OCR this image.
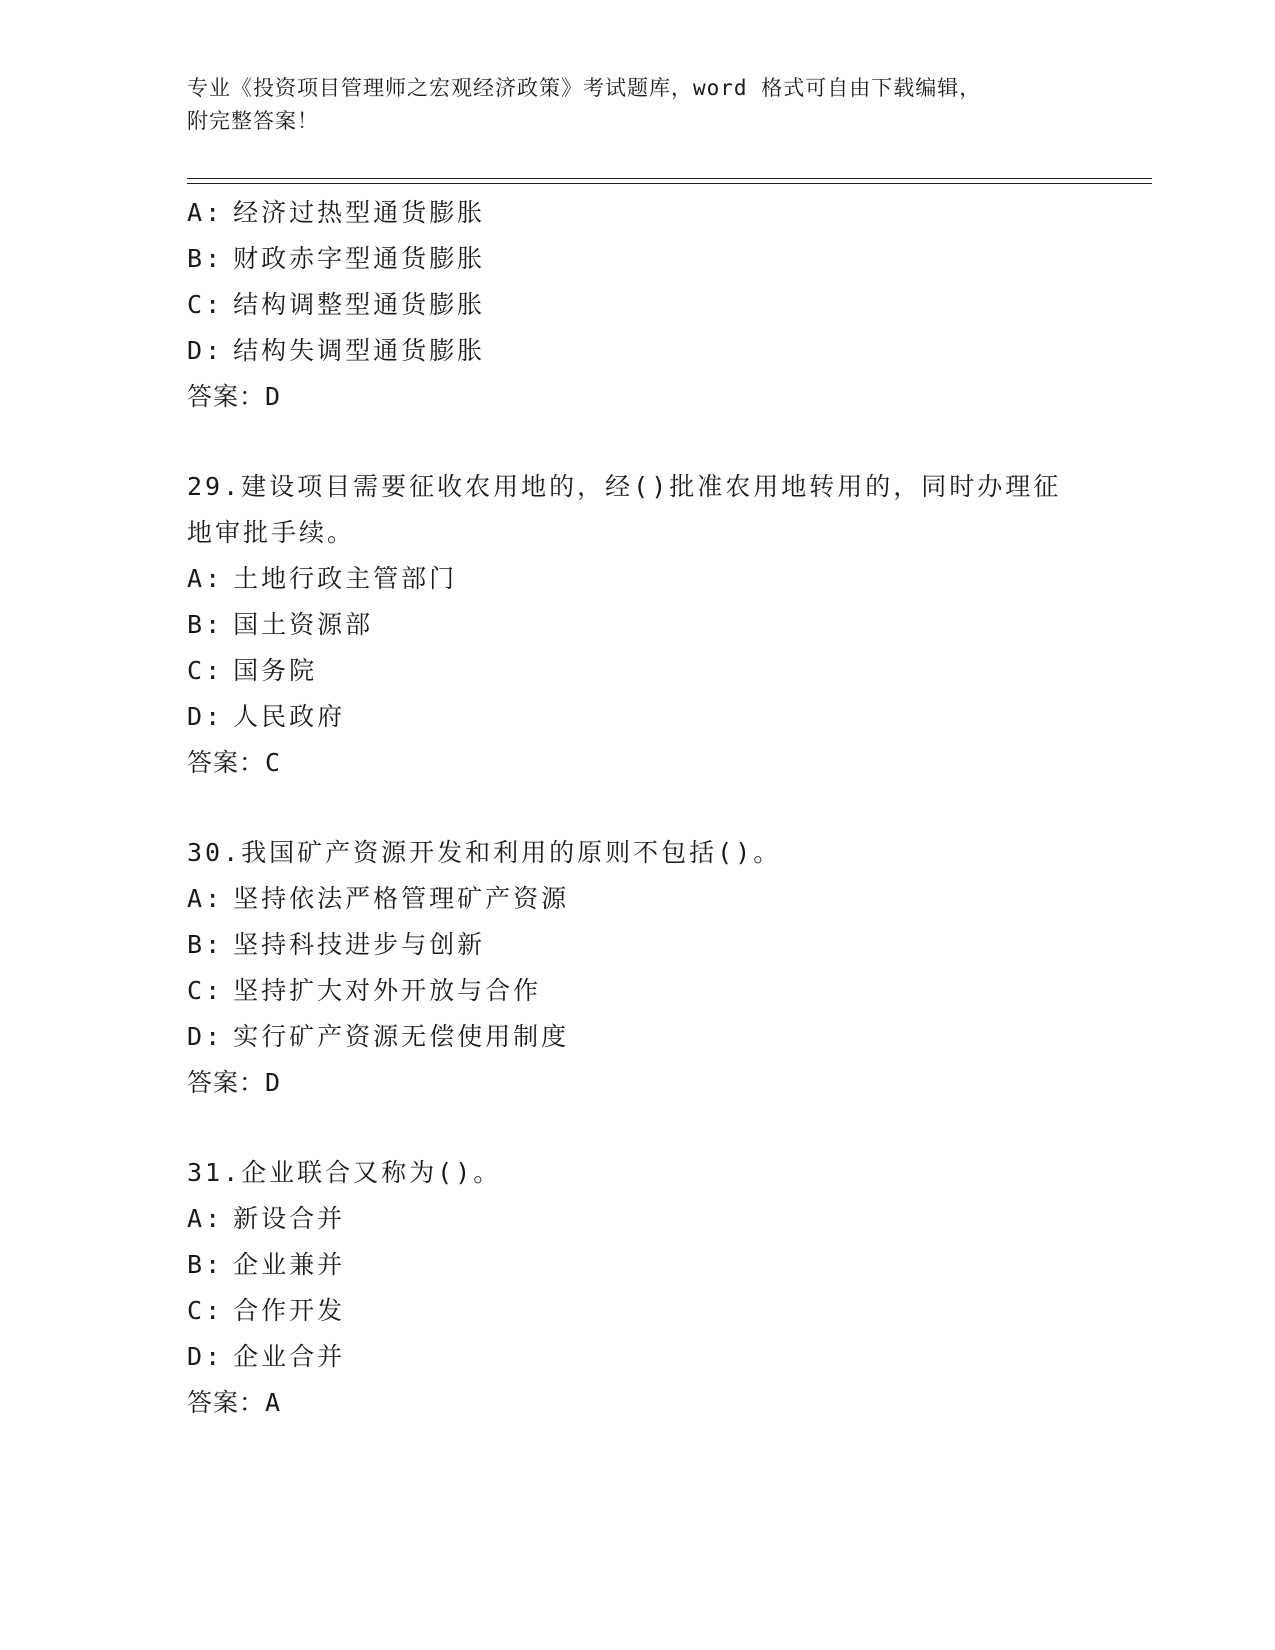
专业《投资项目管理师之宏观经济政策》考试题库，word 格式可自由下载编辑，
附完整答案！
A: 经济过热型通货膨胀
B: 财政赤字型通货膨胀
C: 结构调整型通货膨胀
D: 结构失调型通货膨胀
答案：D
29.建设项目需要征收农用地的，经()批准农用地转用的，同时办理征
地审批手续。
A: 土地行政主管部门
B: 国土资源部
C: 国务院
D: 人民政府
答案：C
30.我国矿产资源开发和利用的原则不包括()。
A: 坚持依法严格管理矿产资源
B: 坚持科技进步与创新
C: 坚持扩大对外开放与合作
D: 实行矿产资源无偿使用制度
答案：D
31.企业联合又称为()。
A: 新设合并
B: 企业兼并
C: 合作开发
D: 企业合并
答案：A
